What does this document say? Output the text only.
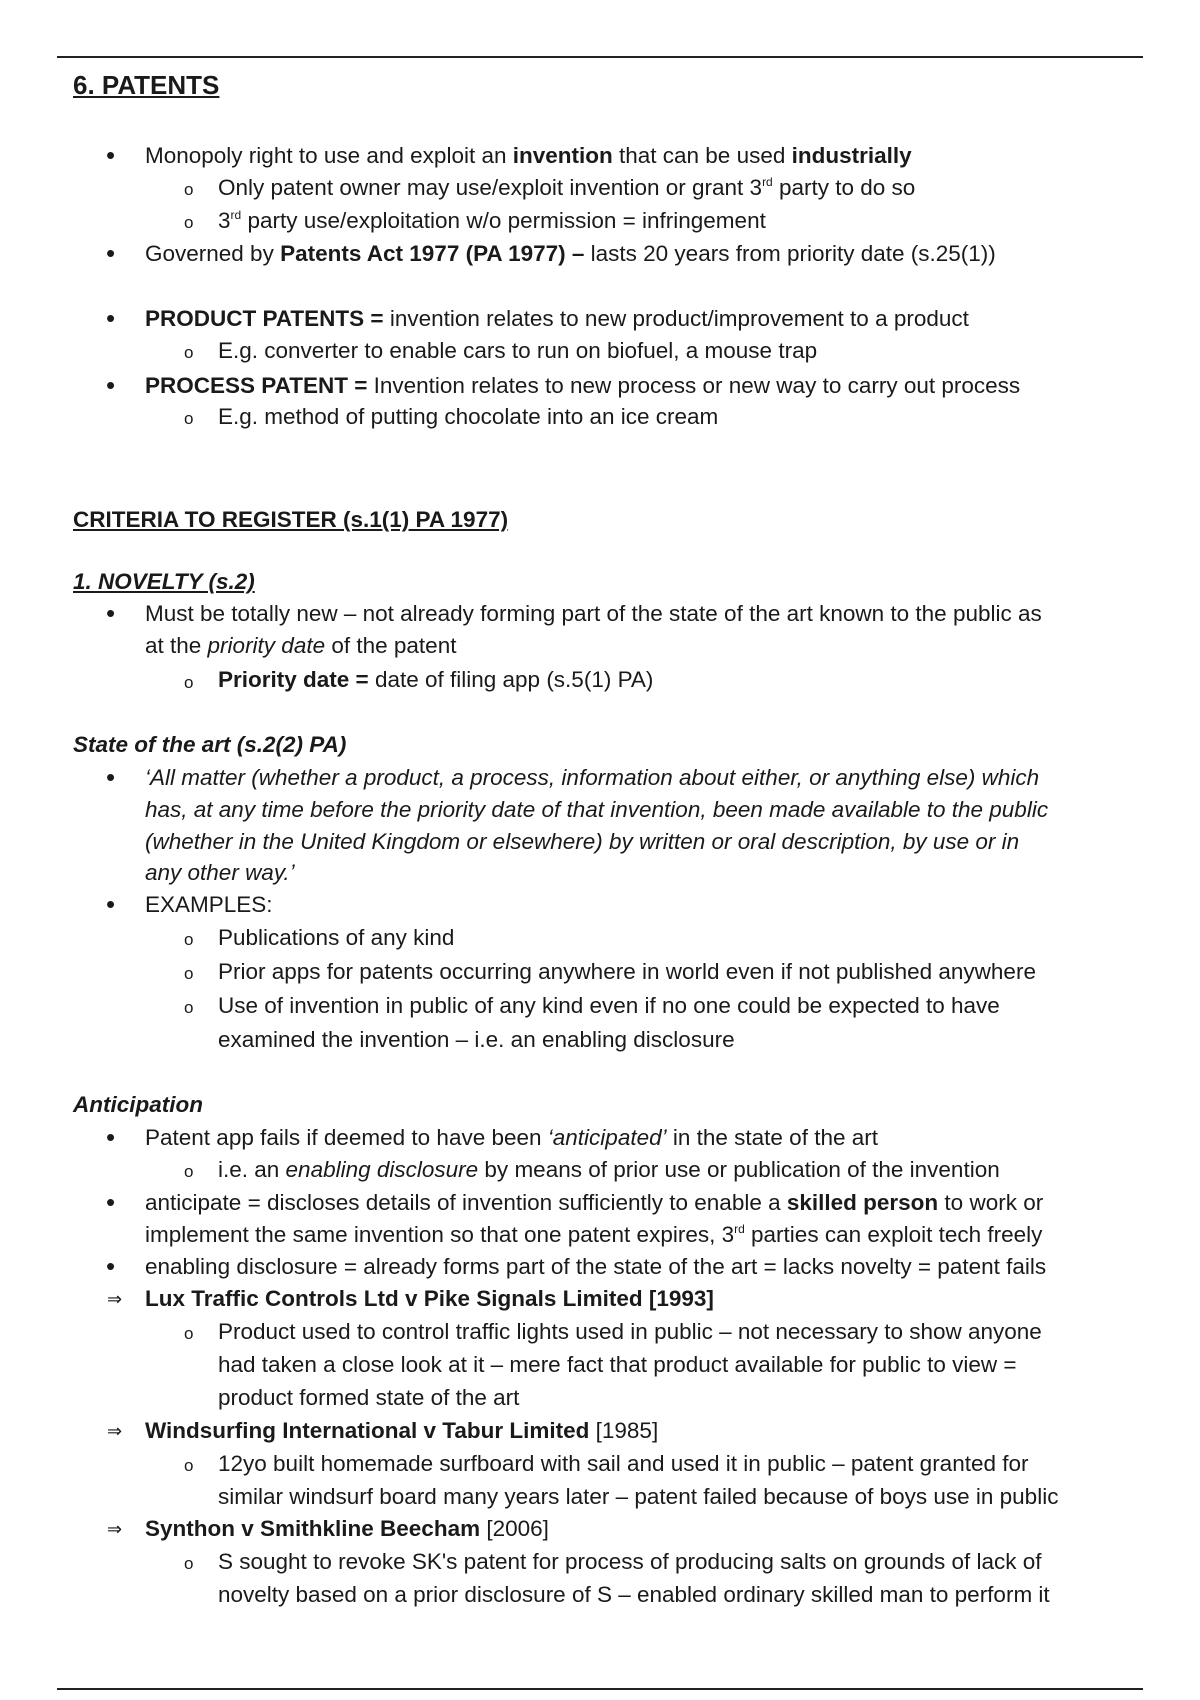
6. PATENTS
• Monopoly right to use and exploit an invention that can be used industrially
o Only patent owner may use/exploit invention or grant 3rd party to do so
o 3rd party use/exploitation w/o permission = infringement
• Governed by Patents Act 1977 (PA 1977) – lasts 20 years from priority date (s.25(1))
• PRODUCT PATENTS = invention relates to new product/improvement to a product
o E.g. converter to enable cars to run on biofuel, a mouse trap
• PROCESS PATENT = Invention relates to new process or new way to carry out process
o E.g. method of putting chocolate into an ice cream
CRITERIA TO REGISTER (s.1(1) PA 1977)
1. NOVELTY (s.2)
• Must be totally new – not already forming part of the state of the art known to the public as
at the priority date of the patent
o Priority date = date of filing app (s.5(1) PA)
State of the art (s.2(2) PA)
• ‘All matter (whether a product, a process, information about either, or anything else) which
has, at any time before the priority date of that invention, been made available to the public
(whether in the United Kingdom or elsewhere) by written or oral description, by use or in
any other way.’
• EXAMPLES:
o Publications of any kind
o Prior apps for patents occurring anywhere in world even if not published anywhere
o Use of invention in public of any kind even if no one could be expected to have
examined the invention – i.e. an enabling disclosure
Anticipation
• Patent app fails if deemed to have been ‘anticipated’ in the state of the art
o i.e. an enabling disclosure by means of prior use or publication of the invention
• anticipate = discloses details of invention sufficiently to enable a skilled person to work or
implement the same invention so that one patent expires, 3rd parties can exploit tech freely
• enabling disclosure = already forms part of the state of the art = lacks novelty = patent fails
⇒ Lux Traffic Controls Ltd v Pike Signals Limited [1993]
o Product used to control traffic lights used in public – not necessary to show anyone
had taken a close look at it – mere fact that product available for public to view =
product formed state of the art
⇒ Windsurfing International v Tabur Limited [1985]
o 12yo built homemade surfboard with sail and used it in public – patent granted for
similar windsurf board many years later – patent failed because of boys use in public
⇒ Synthon v Smithkline Beecham [2006]
o S sought to revoke SK's patent for process of producing salts on grounds of lack of
novelty based on a prior disclosure of S – enabled ordinary skilled man to perform it
